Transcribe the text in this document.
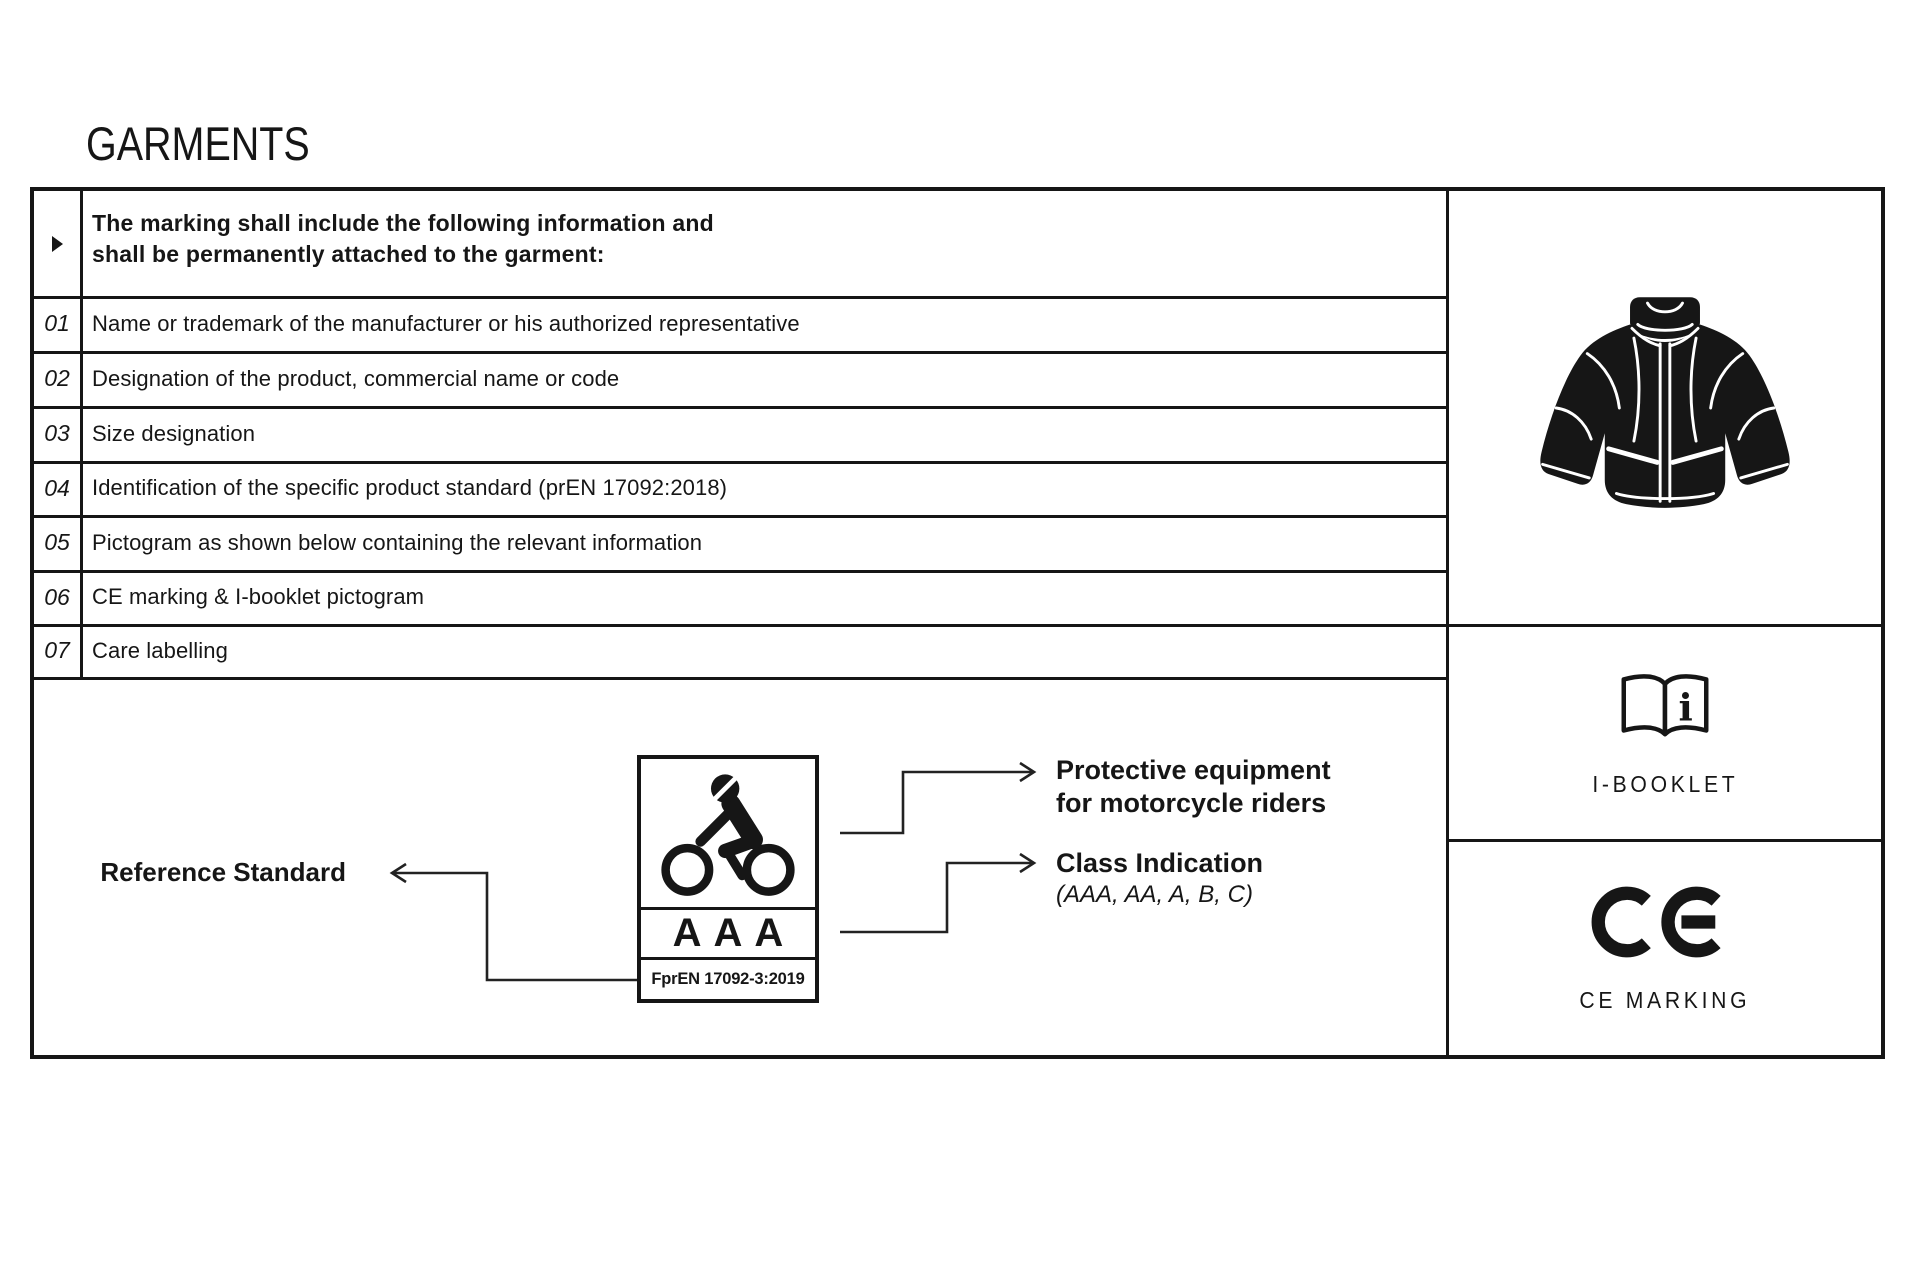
GARMENTS
The marking shall include the following information and
shall be permanently attached to the garment:
01	Name or trademark of the manufacturer or his authorized representative
02	Designation of the product, commercial name or code
03	Size designation
04	Identification of the specific product standard (prEN 17092:2018)
05	Pictogram as shown below containing the relevant information
06	CE marking & I-booklet pictogram
07	Care labelling
Reference Standard
AAA
FprEN 17092-3:2019
Protective equipment
for motorcycle riders
Class Indication
(AAA, AA, A, B, C)
i
I-BOOKLET
CE MARKING
